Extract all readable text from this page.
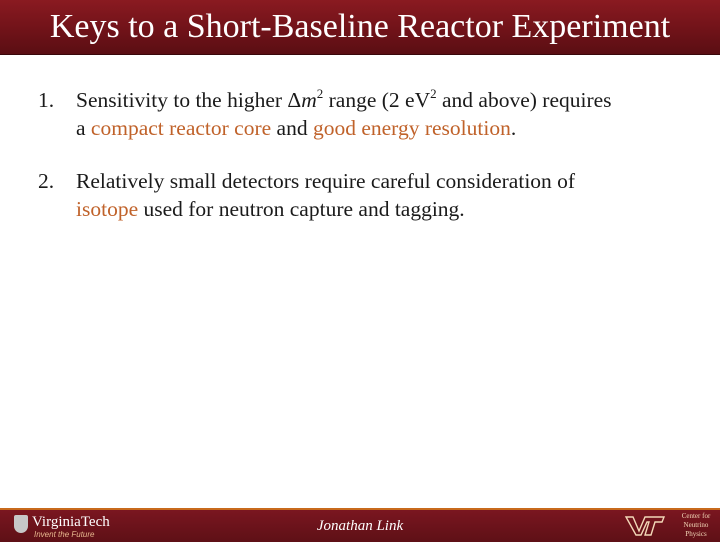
Keys to a Short-Baseline Reactor Experiment
1. Sensitivity to the higher $\Delta m^2$ range (2 $eV^2$ and above) requires
a compact reactor core and good energy resolution.
2. Relatively small detectors require careful consideration of
isotope used for neutron capture and tagging.
VirginiaTech
Invent the Future
Jonathan Link
Center for
Neutrino
Physics
